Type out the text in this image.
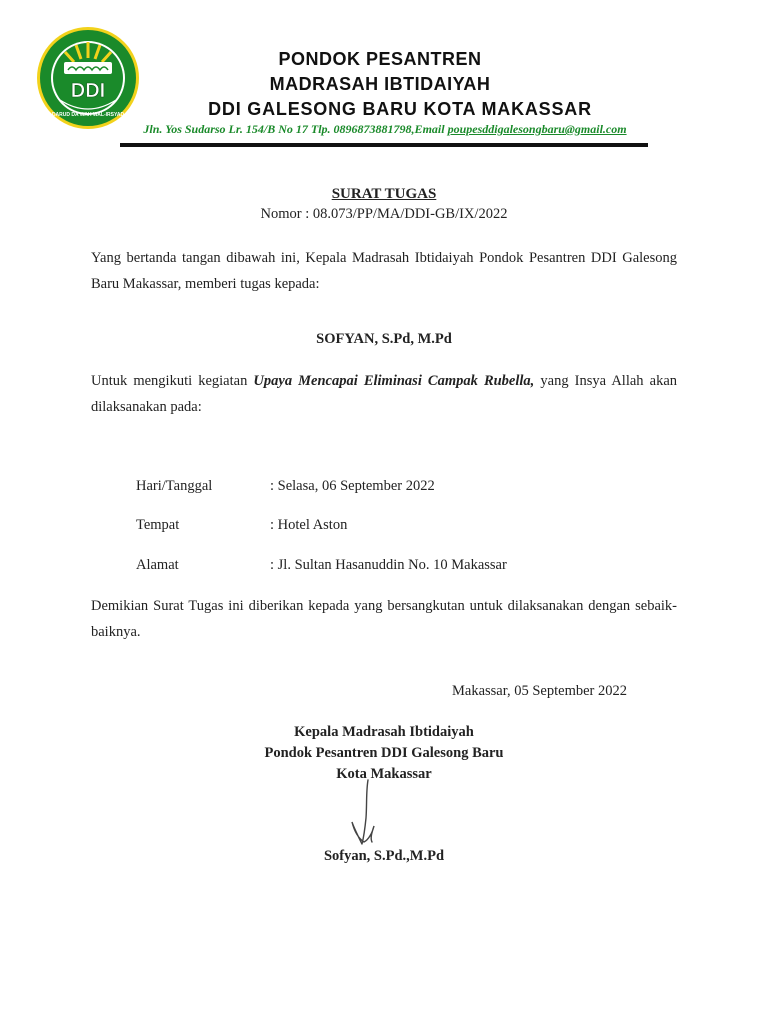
DDI
DARUD DA'WAH WAL-IRSYAD
PONDOK PESANTREN
MADRASAH IBTIDAIYAH
DDI GALESONG BARU KOTA MAKASSAR
Jln. Yos Sudarso Lr. 154/B No 17 Tlp. 0896873881798,Email poupesddigalesongbaru@gmail.com
SURAT TUGAS
Nomor : 08.073/PP/MA/DDI-GB/IX/2022
Yang bertanda tangan dibawah ini, Kepala Madrasah Ibtidaiyah Pondok Pesantren DDI Galesong Baru Makassar, memberi tugas kepada:
SOFYAN, S.Pd, M.Pd
Untuk mengikuti kegiatan Upaya Mencapai Eliminasi Campak Rubella, yang Insya Allah akan dilaksanakan pada:
Hari/Tanggal	: Selasa, 06 September 2022
Tempat	: Hotel Aston
Alamat	: Jl. Sultan Hasanuddin No. 10 Makassar
Demikian Surat Tugas ini diberikan kepada yang bersangkutan untuk dilaksanakan dengan sebaik-baiknya.
Makassar, 05 September 2022
Kepala Madrasah Ibtidaiyah
Pondok Pesantren DDI Galesong Baru
Kota Makassar
Sofyan, S.Pd.,M.Pd
